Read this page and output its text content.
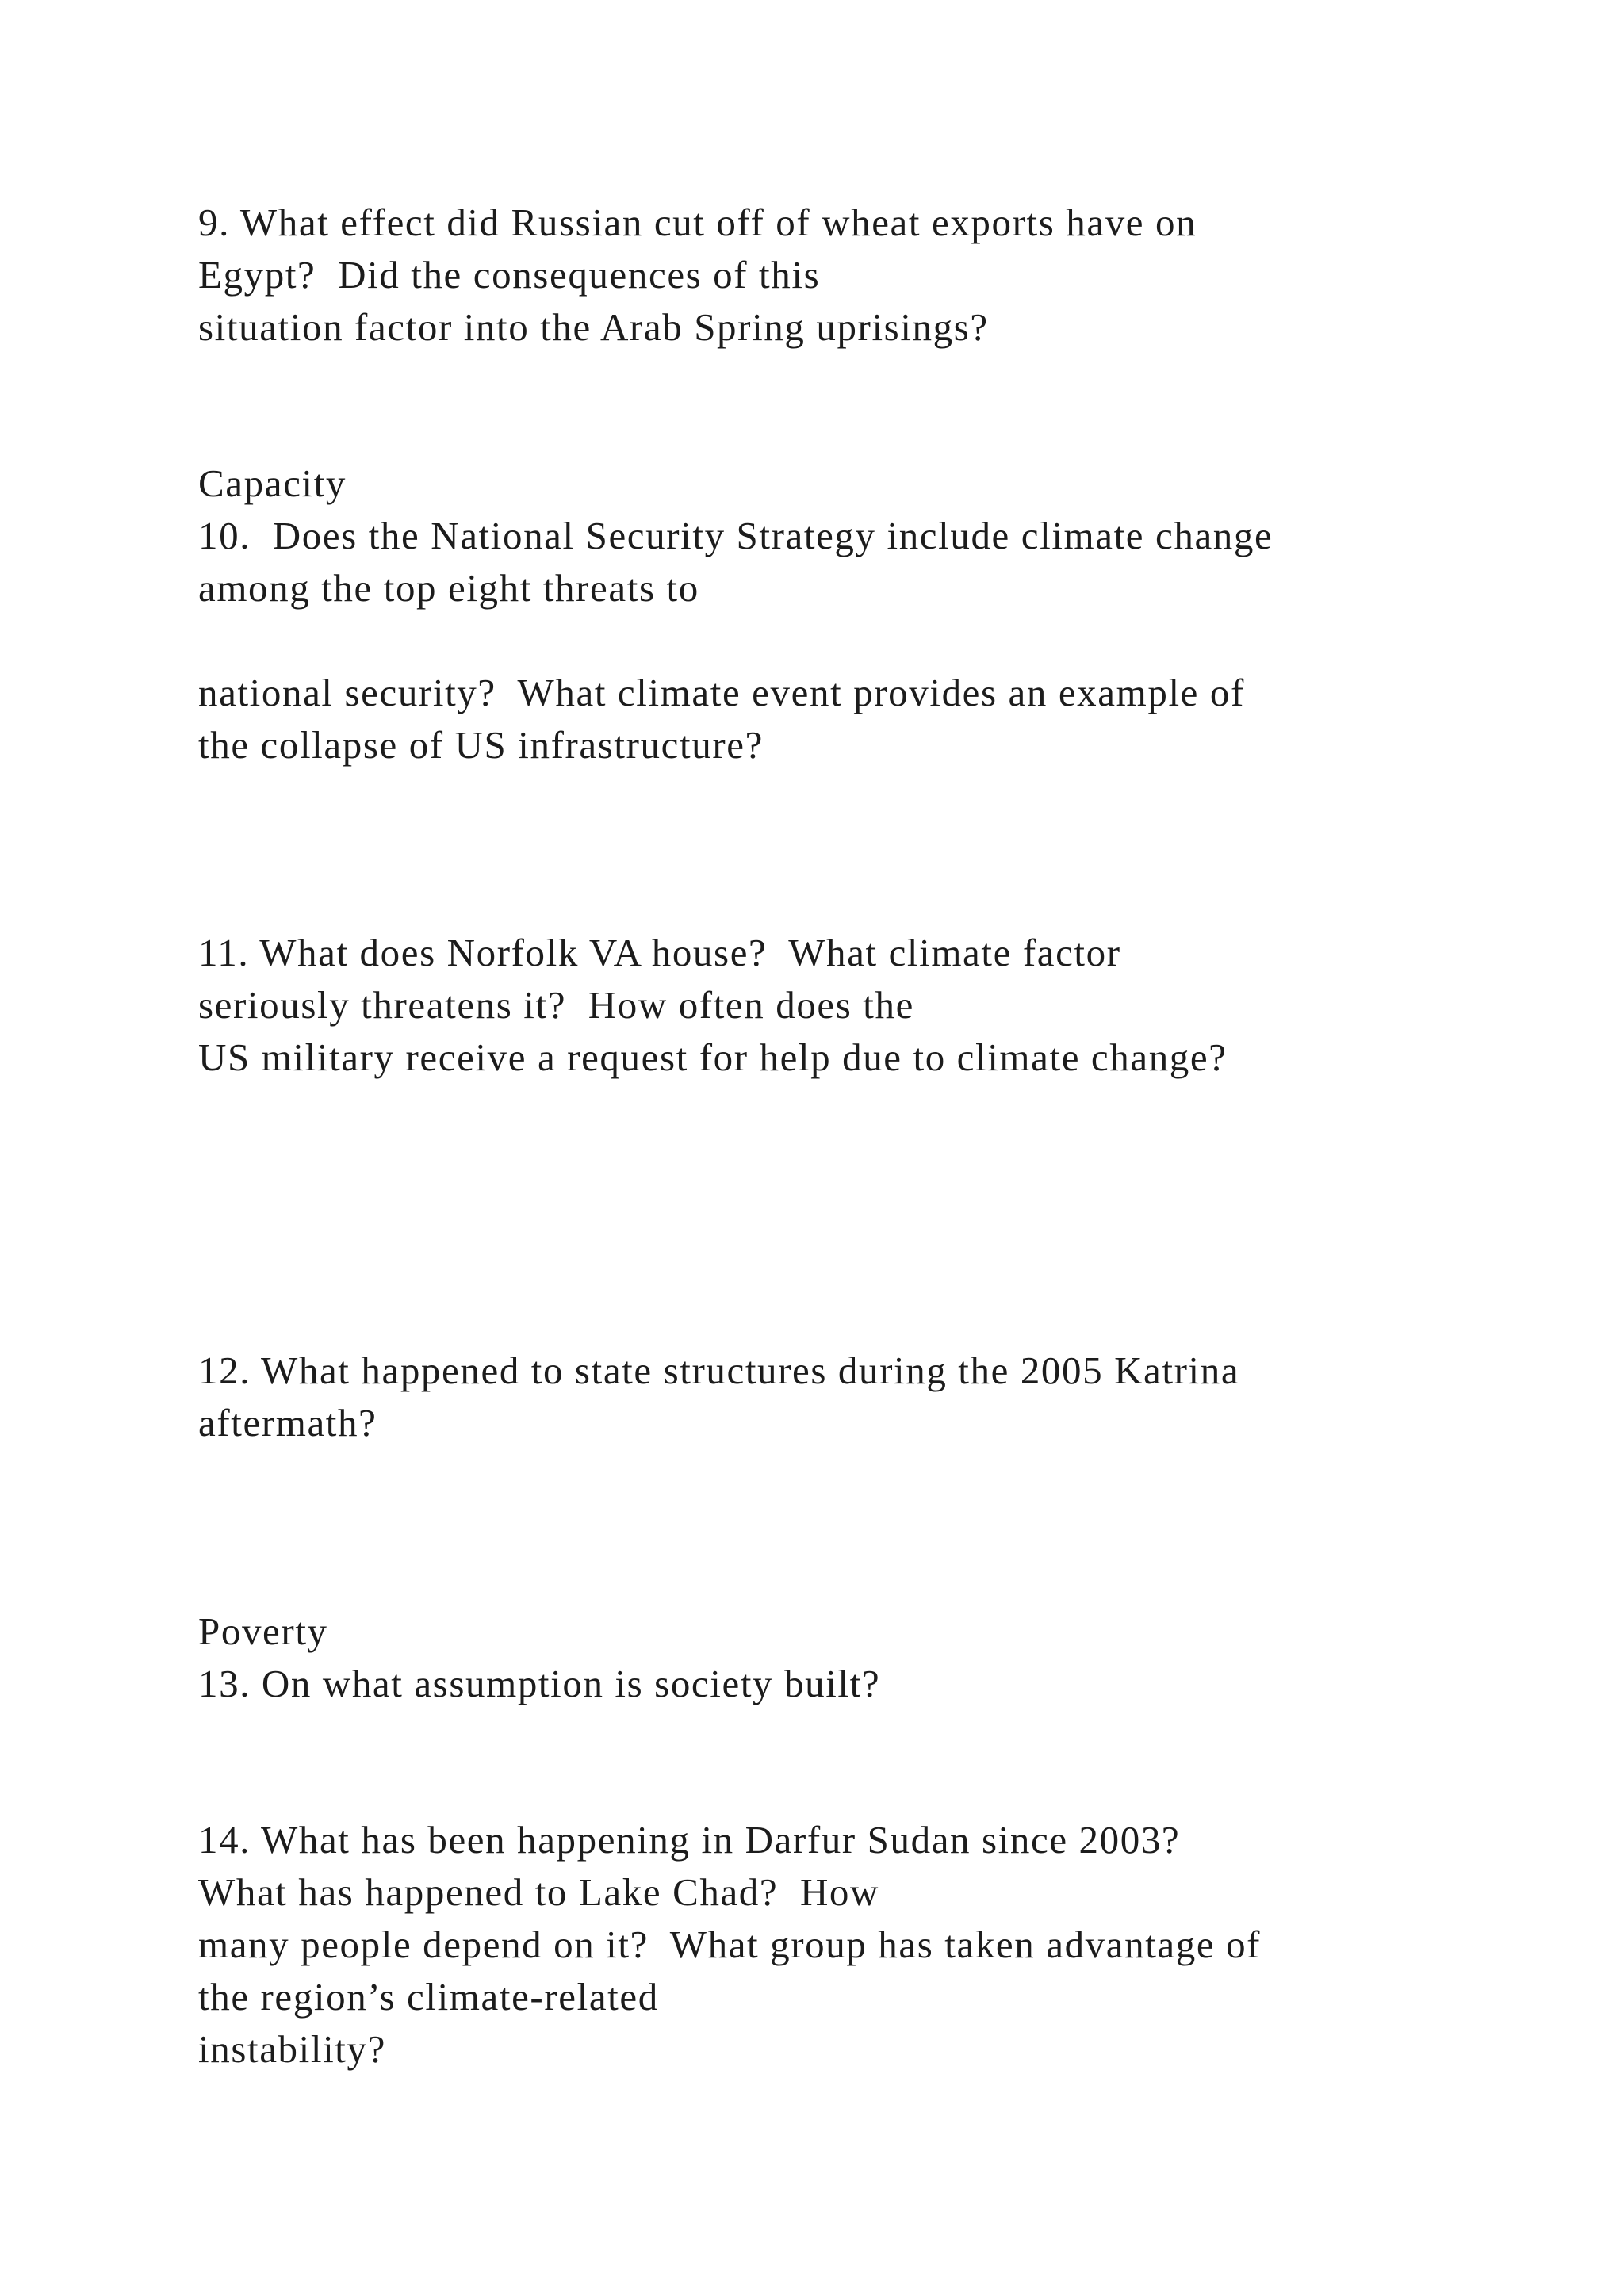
9. What effect did Russian cut off of wheat exports have on
Egypt?  Did the consequences of this
situation factor into the Arab Spring uprisings?
Capacity
10.  Does the National Security Strategy include climate change
among the top eight threats to
national security?  What climate event provides an example of
the collapse of US infrastructure?
11. What does Norfolk VA house?  What climate factor
seriously threatens it?  How often does the
US military receive a request for help due to climate change?
12. What happened to state structures during the 2005 Katrina
aftermath?
Poverty
13. On what assumption is society built?
14. What has been happening in Darfur Sudan since 2003?
What has happened to Lake Chad?  How
many people depend on it?  What group has taken advantage of
the region’s climate-related
instability?
